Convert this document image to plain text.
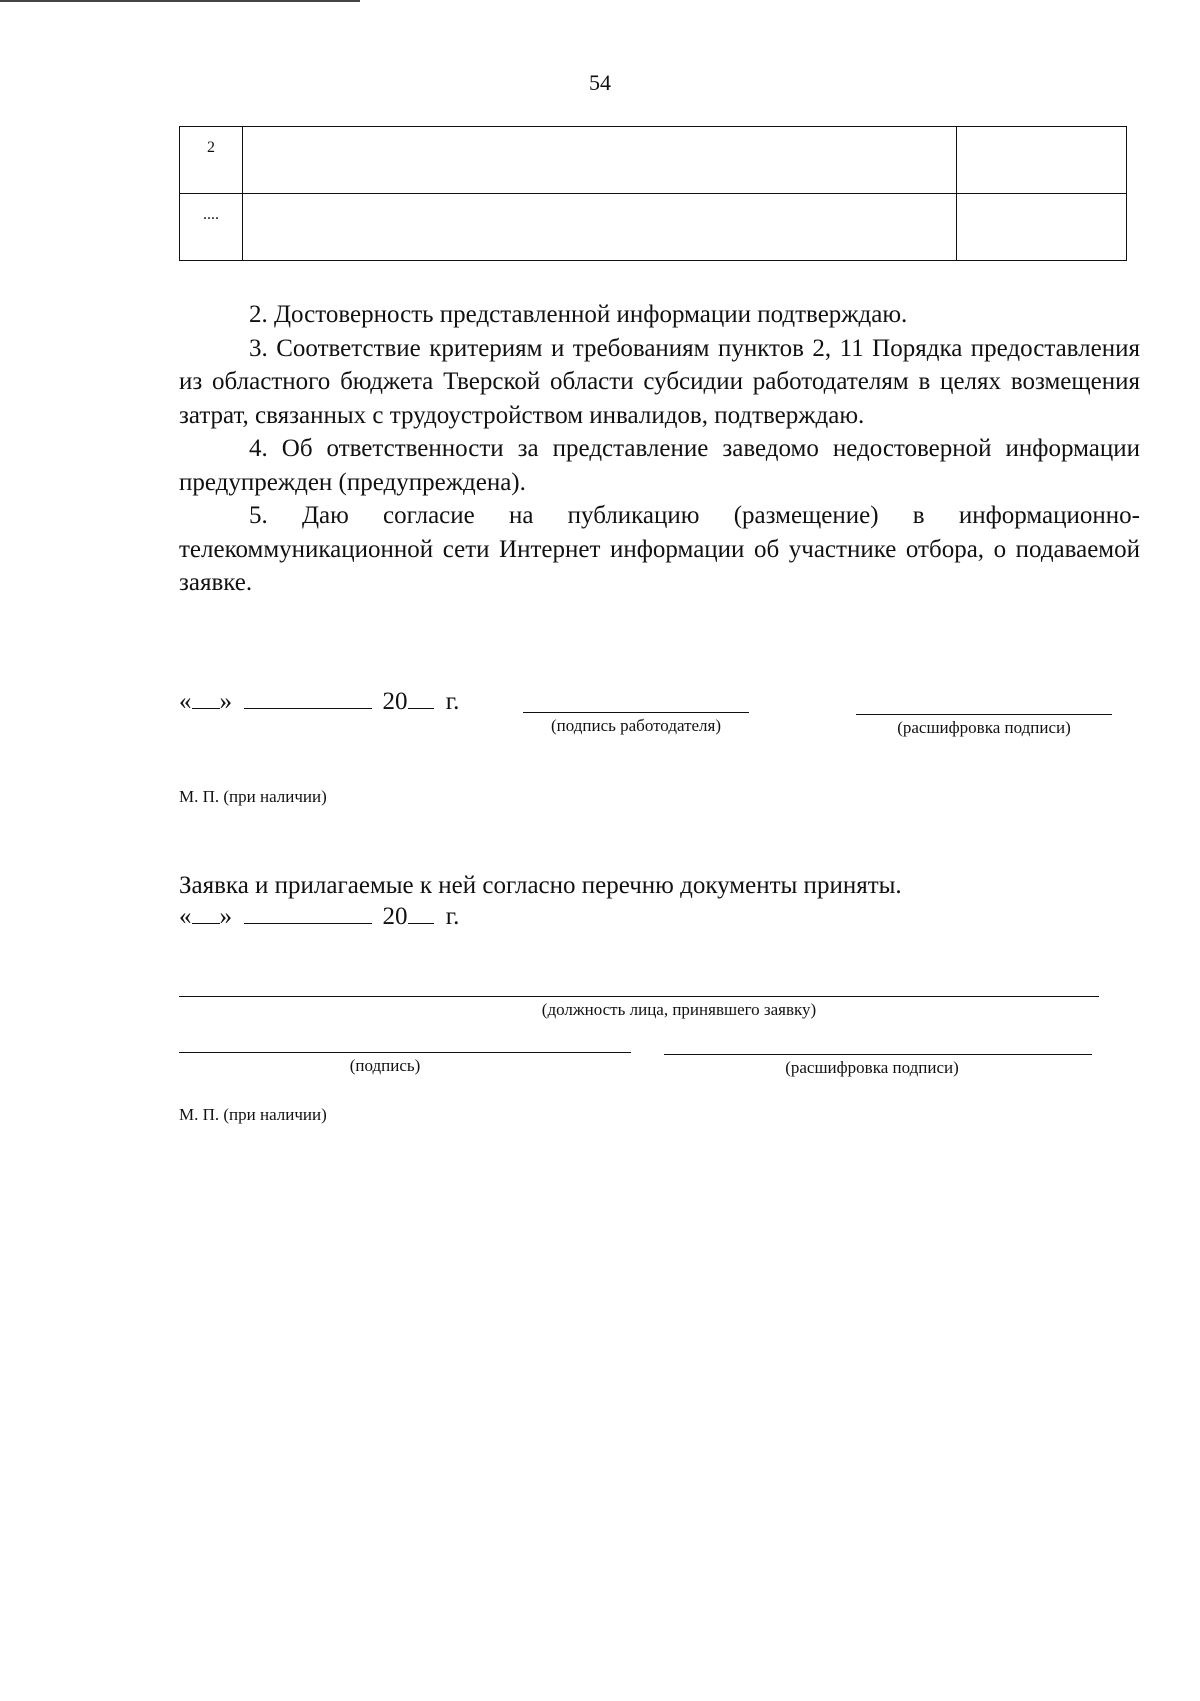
54
2		
....		

2. Достоверность представленной информации подтверждаю.

3. Соответствие критериям и требованиям пунктов 2, 11 Порядка предоставления из областного бюджета Тверской области субсидии работодателям в целях возмещения затрат, связанных с трудоустройством инвалидов, подтверждаю.

4. Об ответственности за представление заведомо недостоверной информации предупрежден (предупреждена).

5. Даю согласие на публикацию (размещение) в информационно-телекоммуникационной сети Интернет информации об участнике отбора, о подаваемой заявке.

« »	20 г.
(подпись работодателя)	(расшифровка подписи)
М. П. (при наличии)
Заявка и прилагаемые к ней согласно перечню документы приняты.
« »	20 г.
(должность лица, принявшего заявку)
(подпись)	(расшифровка подписи)
М. П. (при наличии)
